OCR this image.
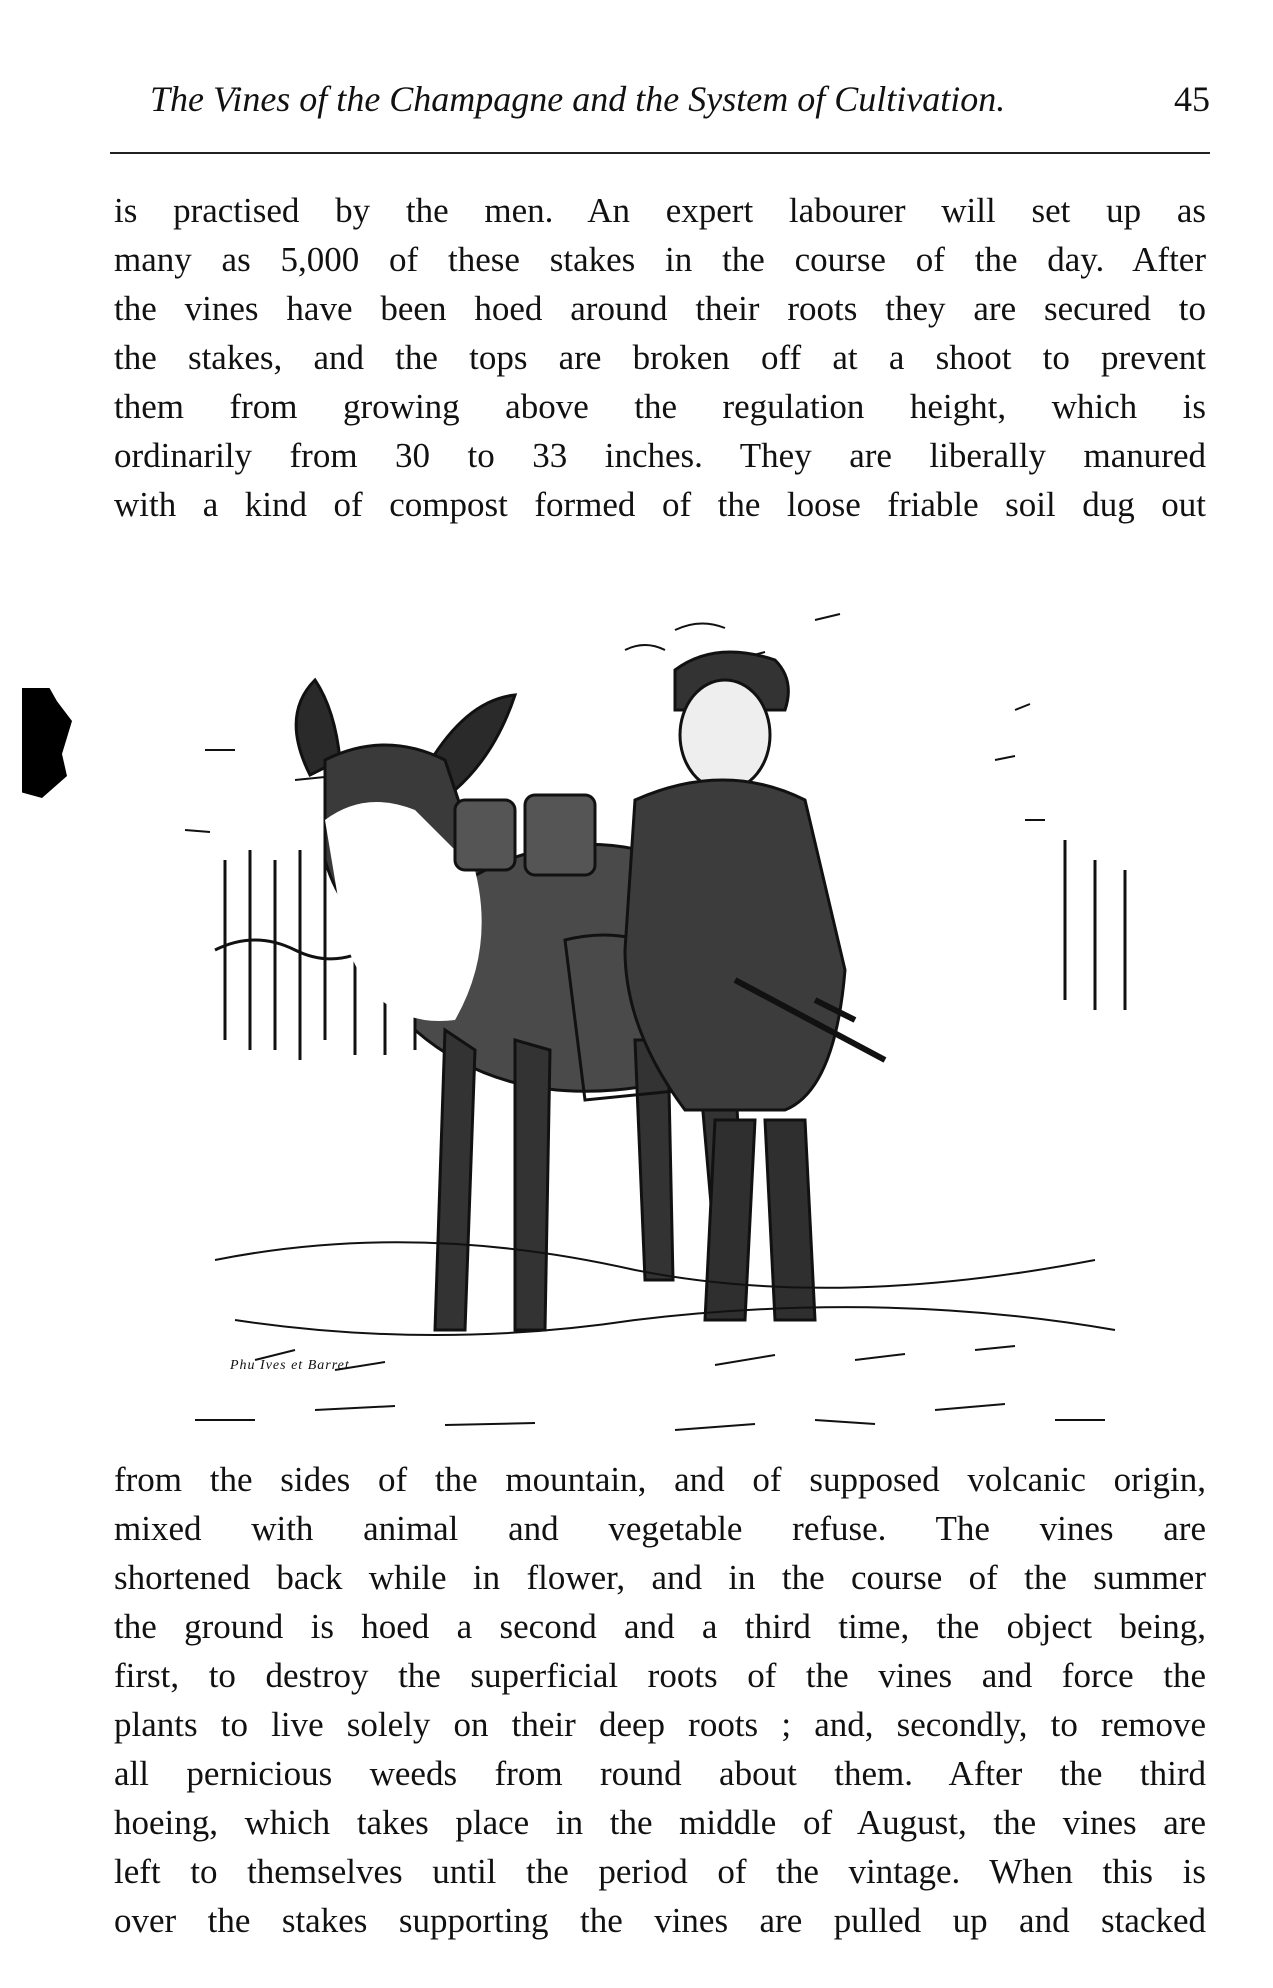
The Vines of the Champagne and the System of Cultivation.	45
is practised by the men. An expert labourer will set up as
many as 5,000 of these stakes in the course of the day. After
the vines have been hoed around their roots they are secured to
the stakes, and the tops are broken off at a shoot to prevent
them from growing above the regulation height, which is
ordinarily from 30 to 33 inches. They are liberally manured
with a kind of compost formed of the loose friable soil dug out
Phu Ives et Barret
from the sides of the mountain, and of supposed volcanic origin,
mixed with animal and vegetable refuse. The vines are
shortened back while in flower, and in the course of the summer
the ground is hoed a second and a third time, the object being,
first, to destroy the superficial roots of the vines and force the
plants to live solely on their deep roots ; and, secondly, to remove
all pernicious weeds from round about them. After the third
hoeing, which takes place in the middle of August, the vines are
left to themselves until the period of the vintage. When this is
over the stakes supporting the vines are pulled up and stacked
